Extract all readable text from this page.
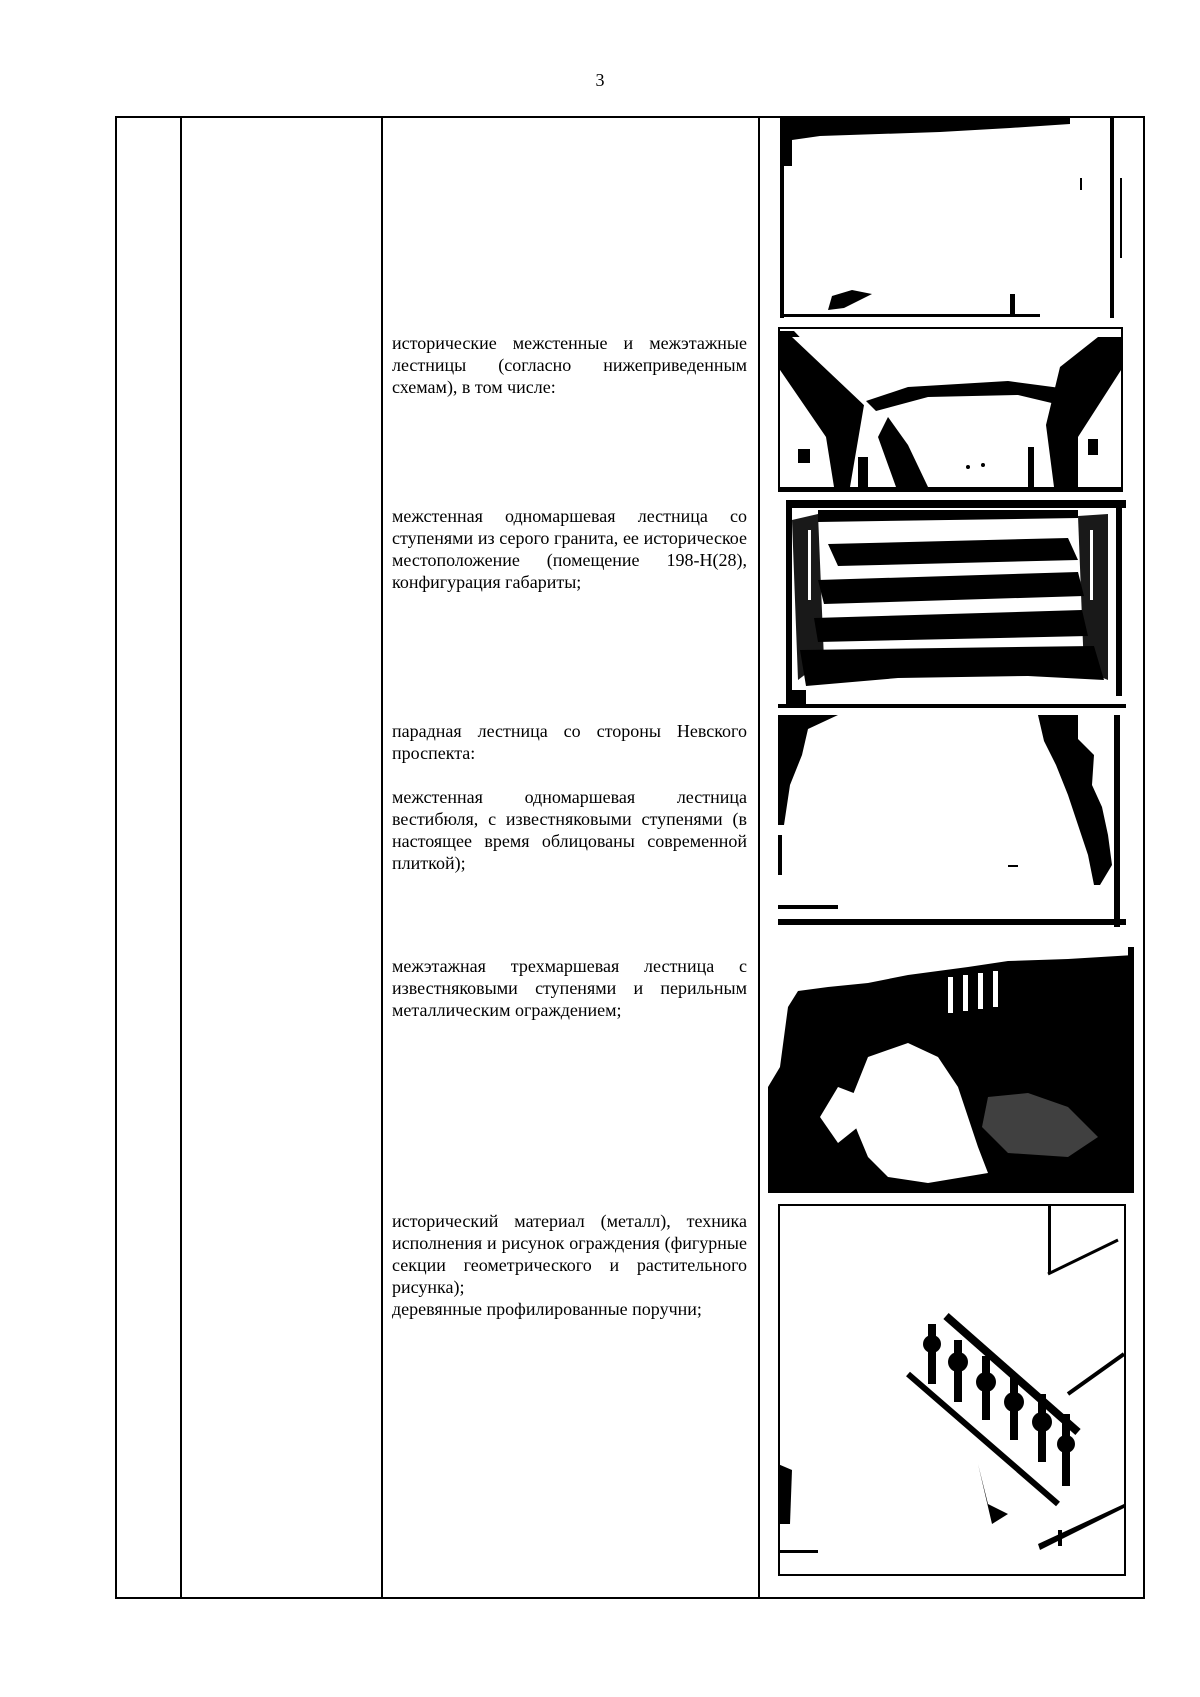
3

исторические межстенные и межэтажные лестницы (согласно нижеприведенным схемам), в том числе:

межстенная одномаршевая лестница со ступенями из серого гранита, ее историческое местоположение (помещение 198-Н(28), конфигурация габариты;

парадная лестница со стороны Невского проспекта:

межстенная одномаршевая лестница вестибюля, с известняковыми ступенями (в настоящее время облицованы современной плиткой);

межэтажная трехмаршевая лестница с известняковыми ступенями и перильным металлическим ограждением;

исторический материал (металл), техника исполнения и рисунок ограждения (фигурные секции геометрического и растительного рисунка);

деревянные профилированные поручни;
